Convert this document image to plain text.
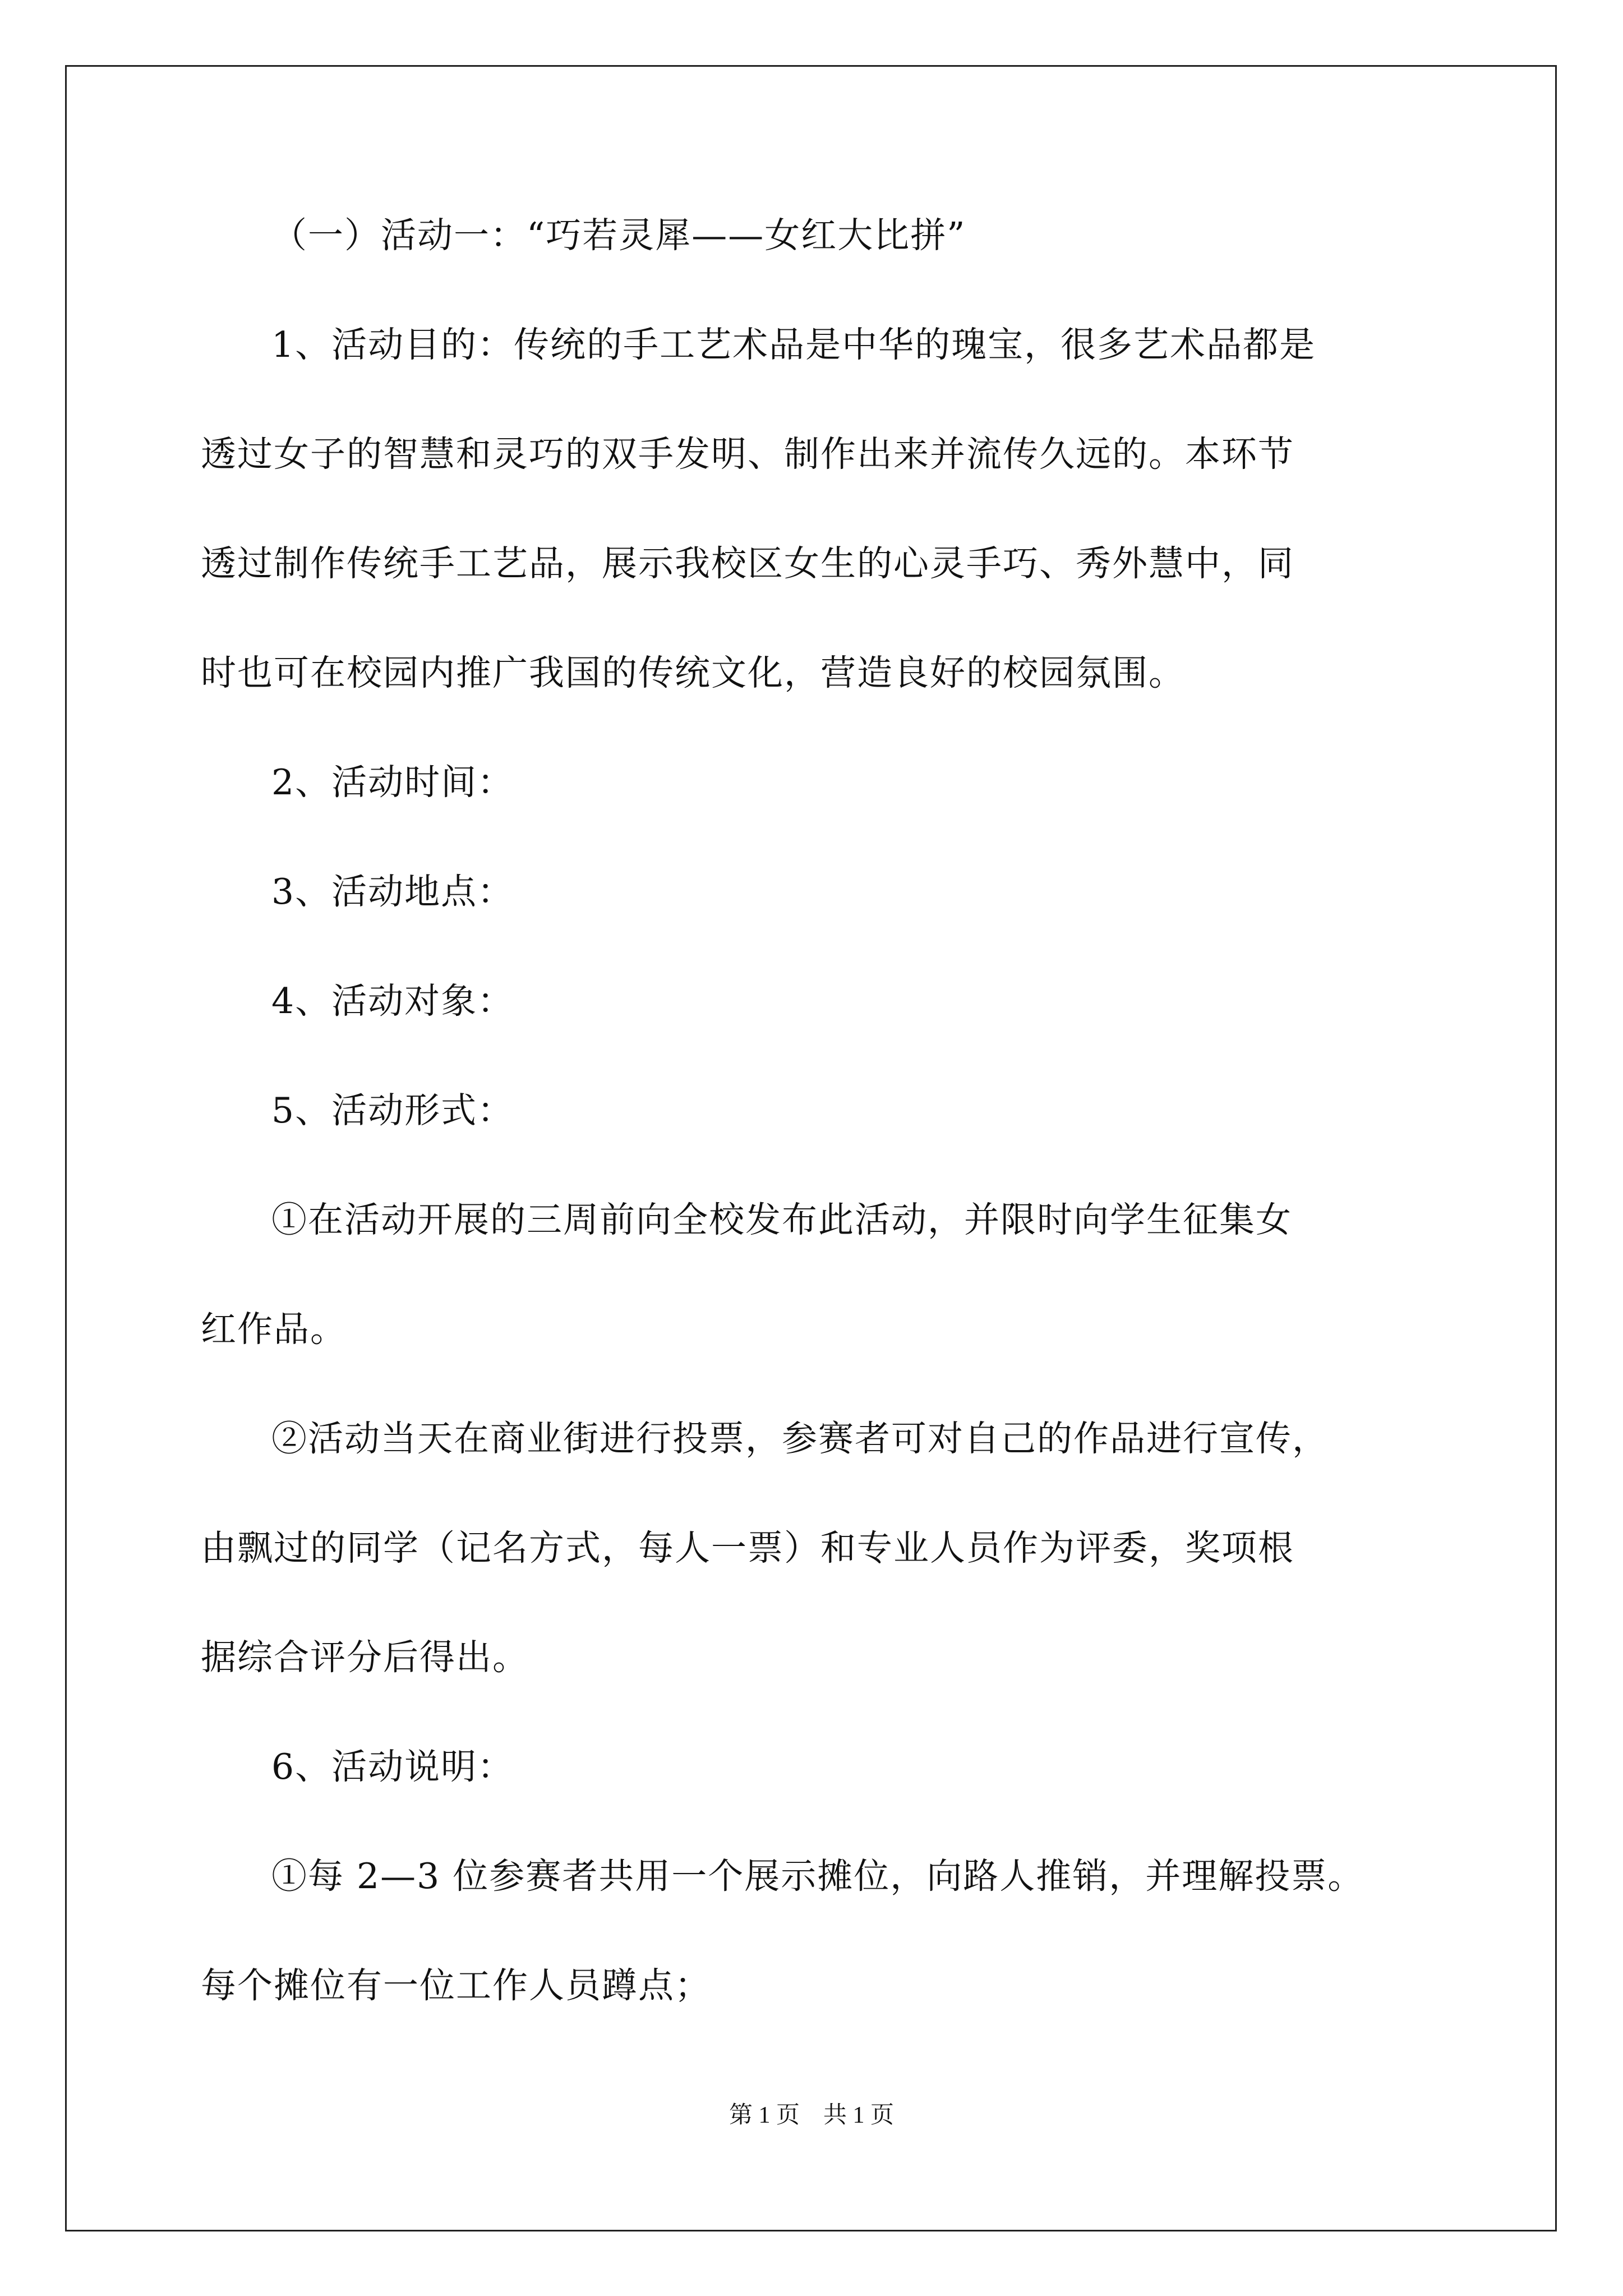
（一）活动一：“巧若灵犀——女红大比拼”
1、活动目的：传统的手工艺术品是中华的瑰宝，很多艺术品都是
透过女子的智慧和灵巧的双手发明、制作出来并流传久远的。本环节
透过制作传统手工艺品，展示我校区女生的心灵手巧、秀外慧中，同
时也可在校园内推广我国的传统文化，营造良好的校园氛围。
2、活动时间：
3、活动地点：
4、活动对象：
5、活动形式：
①在活动开展的三周前向全校发布此活动，并限时向学生征集女
红作品。
②活动当天在商业街进行投票，参赛者可对自己的作品进行宣传，
由飘过的同学（记名方式，每人一票）和专业人员作为评委，奖项根
据综合评分后得出。
6、活动说明：
①每 2—3 位参赛者共用一个展示摊位，向路人推销，并理解投票。
每个摊位有一位工作人员蹲点；
第 1 页　共 1 页
